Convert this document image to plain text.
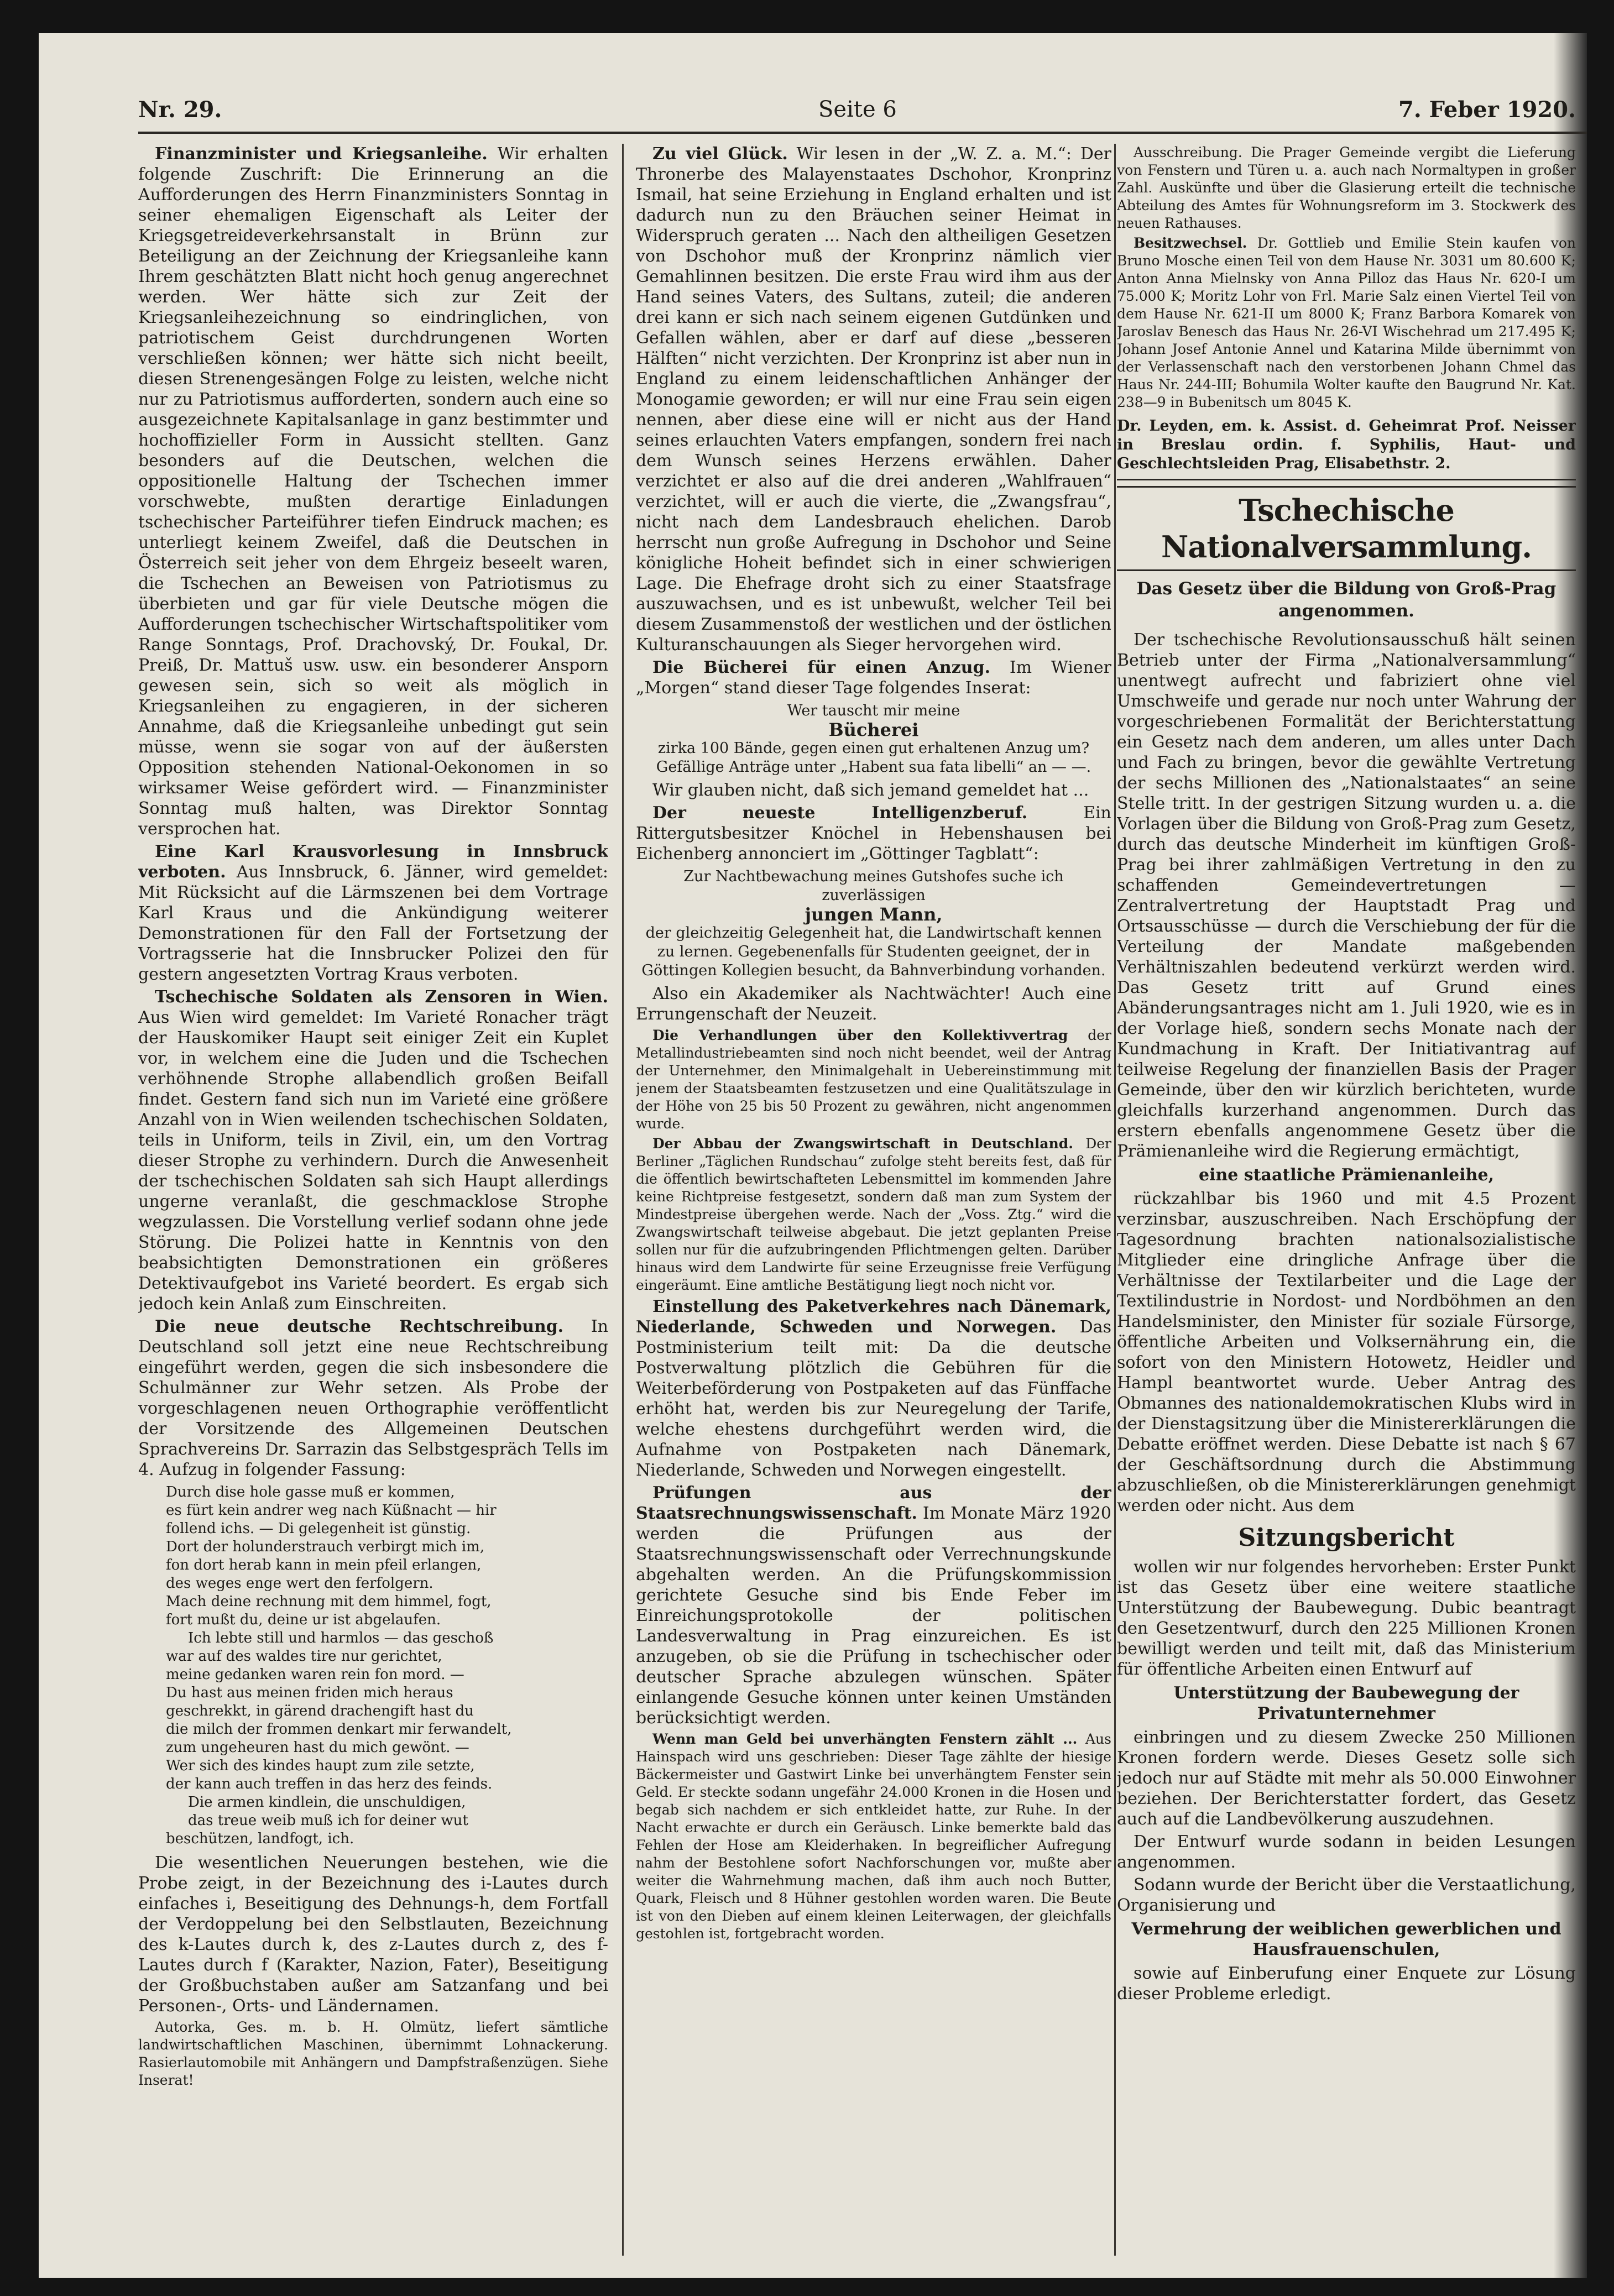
Nr. 29.	Seite 6	7. Feber 1920.

Finanzminister und Kriegsanleihe. Wir erhalten folgende Zuschrift: Die Erinnerung an die Aufforderungen des Herrn Finanzministers Sonntag in seiner ehemaligen Eigenschaft als Leiter der Kriegsgetreideverkehrsanstalt in Brünn zur Beteiligung an der Zeichnung der Kriegsanleihe kann Ihrem geschätzten Blatt nicht hoch genug angerechnet werden. Wer hätte sich zur Zeit der Kriegsanleihezeichnung so eindringlichen, von patriotischem Geist durchdrungenen Worten verschließen können; wer hätte sich nicht beeilt, diesen Strenengesängen Folge zu leisten, welche nicht nur zu Patriotismus aufforderten, sondern auch eine so ausgezeichnete Kapitalsanlage in ganz bestimmter und hochoffizieller Form in Aussicht stellten. Ganz besonders auf die Deutschen, welchen die oppositionelle Haltung der Tschechen immer vorschwebte, mußten derartige Einladungen tschechischer Parteiführer tiefen Eindruck machen; es unterliegt keinem Zweifel, daß die Deutschen in Österreich seit jeher von dem Ehrgeiz beseelt waren, die Tschechen an Beweisen von Patriotismus zu überbieten und gar für viele Deutsche mögen die Aufforderungen tschechischer Wirtschaftspolitiker vom Range Sonntags, Prof. Drachovský, Dr. Foukal, Dr. Preiß, Dr. Mattuš usw. usw. ein besonderer Ansporn gewesen sein, sich so weit als möglich in Kriegsanleihen zu engagieren, in der sicheren Annahme, daß die Kriegsanleihe unbedingt gut sein müsse, wenn sie sogar von auf der äußersten Opposition stehenden National-Oekonomen in so wirksamer Weise gefördert wird. — Finanzminister Sonntag muß halten, was Direktor Sonntag versprochen hat.

Eine Karl Krausvorlesung in Innsbruck verboten. Aus Innsbruck, 6. Jänner, wird gemeldet: Mit Rücksicht auf die Lärmszenen bei dem Vortrage Karl Kraus und die Ankündigung weiterer Demonstrationen für den Fall der Fortsetzung der Vortragsserie hat die Innsbrucker Polizei den für gestern angesetzten Vortrag Kraus verboten.

Tschechische Soldaten als Zensoren in Wien. Aus Wien wird gemeldet: Im Varieté Ronacher trägt der Hauskomiker Haupt seit einiger Zeit ein Kuplet vor, in welchem eine die Juden und die Tschechen verhöhnende Strophe allabendlich großen Beifall findet. Gestern fand sich nun im Varieté eine größere Anzahl von in Wien weilenden tschechischen Soldaten, teils in Uniform, teils in Zivil, ein, um den Vortrag dieser Strophe zu verhindern. Durch die Anwesenheit der tschechischen Soldaten sah sich Haupt allerdings ungerne veranlaßt, die geschmacklose Strophe wegzulassen. Die Vorstellung verlief sodann ohne jede Störung. Die Polizei hatte in Kenntnis von den beabsichtigten Demonstrationen ein größeres Detektivaufgebot ins Varieté beordert. Es ergab sich jedoch kein Anlaß zum Einschreiten.

Die neue deutsche Rechtschreibung. In Deutschland soll jetzt eine neue Rechtschreibung eingeführt werden, gegen die sich insbesondere die Schulmänner zur Wehr setzen. Als Probe der vorgeschlagenen neuen Orthographie veröffentlicht der Vorsitzende des Allgemeinen Deutschen Sprachvereins Dr. Sarrazin das Selbstgespräch Tells im 4. Aufzug in folgender Fassung:

Durch dise hole gasse muß er kommen,
es fürt kein andrer weg nach Küßnacht — hir
follend ichs. — Di gelegenheit ist günstig.
Dort der holunderstrauch verbirgt mich im,
fon dort herab kann in mein pfeil erlangen,
des weges enge wert den ferfolgern.
Mach deine rechnung mit dem himmel, fogt,
fort mußt du, deine ur ist abgelaufen.
Ich lebte still und harmlos — das geschoß
war auf des waldes tire nur gerichtet,
meine gedanken waren rein fon mord. —
Du hast aus meinen friden mich heraus
geschrekkt, in gärend drachengift hast du
die milch der frommen denkart mir ferwandelt,
zum ungeheuren hast du mich gewönt. —
Wer sich des kindes haupt zum zile setzte,
der kann auch treffen in das herz des feinds.
Die armen kindlein, die unschuldigen,
das treue weib muß ich for deiner wut
beschützen, landfogt, ich.

Die wesentlichen Neuerungen bestehen, wie die Probe zeigt, in der Bezeichnung des i-Lautes durch einfaches i, Beseitigung des Dehnungs-h, dem Fortfall der Verdoppelung bei den Selbstlauten, Bezeichnung des k-Lautes durch k, des z-Lautes durch z, des f-Lautes durch f (Karakter, Nazion, Fater), Beseitigung der Großbuchstaben außer am Satzanfang und bei Personen-, Orts- und Ländernamen.

Autorka, Ges. m. b. H. Olmütz, liefert sämtliche landwirtschaftlichen Maschinen, übernimmt Lohnackerung. Rasierlautomobile mit Anhängern und Dampfstraßenzügen. Siehe Inserat!

Zu viel Glück. Wir lesen in der „W. Z. a. M.“: Der Thronerbe des Malayenstaates Dschohor, Kronprinz Ismail, hat seine Erziehung in England erhalten und ist dadurch nun zu den Bräuchen seiner Heimat in Widerspruch geraten ... Nach den altheiligen Gesetzen von Dschohor muß der Kronprinz nämlich vier Gemahlinnen besitzen. Die erste Frau wird ihm aus der Hand seines Vaters, des Sultans, zuteil; die anderen drei kann er sich nach seinem eigenen Gutdünken und Gefallen wählen, aber er darf auf diese „besseren Hälften“ nicht verzichten. Der Kronprinz ist aber nun in England zu einem leidenschaftlichen Anhänger der Monogamie geworden; er will nur eine Frau sein eigen nennen, aber diese eine will er nicht aus der Hand seines erlauchten Vaters empfangen, sondern frei nach dem Wunsch seines Herzens erwählen. Daher verzichtet er also auf die drei anderen „Wahlfrauen“ verzichtet, will er auch die vierte, die „Zwangsfrau“, nicht nach dem Landesbrauch ehelichen. Darob herrscht nun große Aufregung in Dschohor und Seine königliche Hoheit befindet sich in einer schwierigen Lage. Die Ehefrage droht sich zu einer Staatsfrage auszuwachsen, und es ist unbewußt, welcher Teil bei diesem Zusammenstoß der westlichen und der östlichen Kulturanschauungen als Sieger hervorgehen wird.

Die Bücherei für einen Anzug. Im Wiener „Morgen“ stand dieser Tage folgendes Inserat:

Wer tauscht mir meine
Bücherei
zirka 100 Bände, gegen einen gut erhaltenen Anzug um? Gefällige Anträge unter „Habent sua fata libelli“ an — —.

Wir glauben nicht, daß sich jemand gemeldet hat ...

Der neueste Intelligenzberuf.	Ein Rittergutsbesitzer Knöchel in Hebenshausen bei Eichenberg annonciert im „Göttinger Tagblatt“:

Zur Nachtbewachung meines Gutshofes suche ich zuverlässigen
jungen Mann,
der gleichzeitig Gelegenheit hat, die Landwirtschaft kennen zu lernen. Gegebenenfalls für Studenten geeignet, der in Göttingen Kollegien besucht, da Bahnverbindung vorhanden.

Also ein Akademiker als Nachtwächter! Auch eine Errungenschaft der Neuzeit.

Die Verhandlungen über den Kollektivvertrag der Metallindustriebeamten sind noch nicht beendet, weil der Antrag der Unternehmer, den Minimalgehalt in Uebereinstimmung mit jenem der Staatsbeamten festzusetzen und eine Qualitätszulage in der Höhe von 25 bis 50 Prozent zu gewähren, nicht angenommen wurde.

Der Abbau der Zwangswirtschaft in Deutschland. Der Berliner „Täglichen Rundschau“ zufolge steht bereits fest, daß für die öffentlich bewirtschafteten Lebensmittel im kommenden Jahre keine Richtpreise festgesetzt, sondern daß man zum System der Mindestpreise übergehen werde. Nach der „Voss. Ztg.“ wird die Zwangswirtschaft teilweise abgebaut. Die jetzt geplanten Preise sollen nur für die aufzubringenden Pflichtmengen gelten. Darüber hinaus wird dem Landwirte für seine Erzeugnisse freie Verfügung eingeräumt. Eine amtliche Bestätigung liegt noch nicht vor.

Einstellung des Paketverkehres nach Dänemark, Niederlande, Schweden und Norwegen. Das Postministerium teilt mit: Da die deutsche Postverwaltung plötzlich die Gebühren für die Weiterbeförderung von Postpaketen auf das Fünffache erhöht hat, werden bis zur Neuregelung der Tarife, welche ehestens durchgeführt werden wird, die Aufnahme von Postpaketen nach Dänemark, Niederlande, Schweden und Norwegen eingestellt.

Prüfungen aus der Staatsrechnungswissenschaft. Im Monate März 1920 werden die Prüfungen aus der Staatsrechnungswissenschaft oder Verrechnungskunde abgehalten werden. An die Prüfungskommission gerichtete Gesuche sind bis Ende Feber im Einreichungsprotokolle der politischen Landesverwaltung in Prag einzureichen. Es ist anzugeben, ob sie die Prüfung in tschechischer oder deutscher Sprache abzulegen wünschen. Später einlangende Gesuche können unter keinen Umständen berücksichtigt werden.

Wenn man Geld bei unverhängten Fenstern zählt ... Aus Hainspach wird uns geschrieben: Dieser Tage zählte der hiesige Bäckermeister und Gastwirt Linke bei unverhängtem Fenster sein Geld. Er steckte sodann ungefähr 24.000 Kronen in die Hosen und begab sich nachdem er sich entkleidet hatte, zur Ruhe. In der Nacht erwachte er durch ein Geräusch. Linke bemerkte bald das Fehlen der Hose am Kleiderhaken. In begreiflicher Aufregung nahm der Bestohlene sofort Nachforschungen vor, mußte aber weiter die Wahrnehmung machen, daß ihm auch noch Butter, Quark, Fleisch und 8 Hühner gestohlen worden waren. Die Beute ist von den Dieben auf einem kleinen Leiterwagen, der gleichfalls gestohlen ist, fortgebracht worden.

Ausschreibung. Die Prager Gemeinde vergibt die Lieferung von Fenstern und Türen u. a. auch nach Normaltypen in großer Zahl. Auskünfte und über die Glasierung erteilt die technische Abteilung des Amtes für Wohnungsreform im 3. Stockwerk des neuen Rathauses.

Besitzwechsel. Dr. Gottlieb und Emilie Stein kaufen von Bruno Mosche einen Teil von dem Hause Nr. 3031 um 80.600 K; Anton Anna Mielnsky von Anna Pilloz das Haus Nr. 620-I um 75.000 K; Moritz Lohr von Frl. Marie Salz einen Viertel Teil von dem Hause Nr. 621-II um 8000 K; Franz Barbora Komarek von Jaroslav Benesch das Haus Nr. 26-VI Wischehrad um 217.495 K; Johann Josef Antonie Annel und Katarina Milde übernimmt von der Verlassenschaft nach den verstorbenen Johann Chmel das Haus Nr. 244-III; Bohumila Wolter kaufte den Baugrund Nr. Kat. 238—9 in Bubenitsch um 8045 K.

Dr. Leyden, em. k. Assist. d. Geheimrat Prof. Neisser in Breslau ordin. f. Syphilis, Haut- und Geschlechtsleiden Prag, Elisabethstr. 2.
Tschechische Nationalversammlung.
Das Gesetz über die Bildung von Groß-Prag angenommen.

Der tschechische Revolutionsausschuß hält seinen Betrieb unter der Firma „Nationalversammlung“ unentwegt aufrecht und fabriziert ohne viel Umschweife und gerade nur noch unter Wahrung der vorgeschriebenen Formalität der Berichterstattung ein Gesetz nach dem anderen, um alles unter Dach und Fach zu bringen, bevor die gewählte Vertretung der sechs Millionen des „Nationalstaates“ an seine Stelle tritt. In der gestrigen Sitzung wurden u. a. die Vorlagen über die Bildung von Groß-Prag zum Gesetz, durch das deutsche Minderheit im künftigen Groß-Prag bei ihrer zahlmäßigen Vertretung in den zu schaffenden Gemeindevertretungen — Zentralvertretung der Hauptstadt Prag und Ortsausschüsse — durch die Verschiebung der für die Verteilung der Mandate maßgebenden Verhältniszahlen bedeutend verkürzt werden wird. Das Gesetz tritt auf Grund eines Abänderungsantrages nicht am 1. Juli 1920, wie es in der Vorlage hieß, sondern sechs Monate nach der Kundmachung in Kraft. Der Initiativantrag auf teilweise Regelung der finanziellen Basis der Prager Gemeinde, über den wir kürzlich berichteten, wurde gleichfalls kurzerhand angenommen. Durch das erstern ebenfalls angenommene Gesetz über die Prämienanleihe wird die Regierung ermächtigt,

eine staatliche Prämienanleihe,

rückzahlbar bis 1960 und mit 4.5 Prozent verzinsbar, auszuschreiben. Nach Erschöpfung der Tagesordnung brachten nationalsozialistische Mitglieder eine dringliche Anfrage über die Verhältnisse der Textilarbeiter und die Lage der Textilindustrie in Nordost- und Nordböhmen an den Handelsminister, den Minister für soziale Fürsorge, öffentliche Arbeiten und Volksernährung ein, die sofort von den Ministern Hotowetz, Heidler und Hampl beantwortet wurde. Ueber Antrag des Obmannes des nationaldemokratischen Klubs wird in der Dienstagsitzung über die Ministererklärungen die Debatte eröffnet werden. Diese Debatte ist nach § 67 der Geschäftsordnung durch die Abstimmung abzuschließen, ob die Ministererklärungen genehmigt werden oder nicht. Aus dem

Sitzungsbericht

wollen wir nur folgendes hervorheben: Erster Punkt ist das Gesetz über eine weitere staatliche Unterstützung der Baubewegung. Dubic beantragt den Gesetzentwurf, durch den 225 Millionen Kronen bewilligt werden und teilt mit, daß das Ministerium für öffentliche Arbeiten einen Entwurf auf

Unterstützung der Baubewegung der Privatunternehmer

einbringen und zu diesem Zwecke 250 Millionen Kronen fordern werde. Dieses Gesetz solle sich jedoch nur auf Städte mit mehr als 50.000 Einwohner beziehen. Der Berichterstatter fordert, das Gesetz auch auf die Landbevölkerung auszudehnen.

Der Entwurf wurde sodann in beiden Lesungen angenommen.

Sodann wurde der Bericht über die Verstaatlichung, Organisierung und

Vermehrung der weiblichen gewerblichen und Hausfrauenschulen,

sowie auf Einberufung einer Enquete zur Lösung dieser Probleme erledigt.
